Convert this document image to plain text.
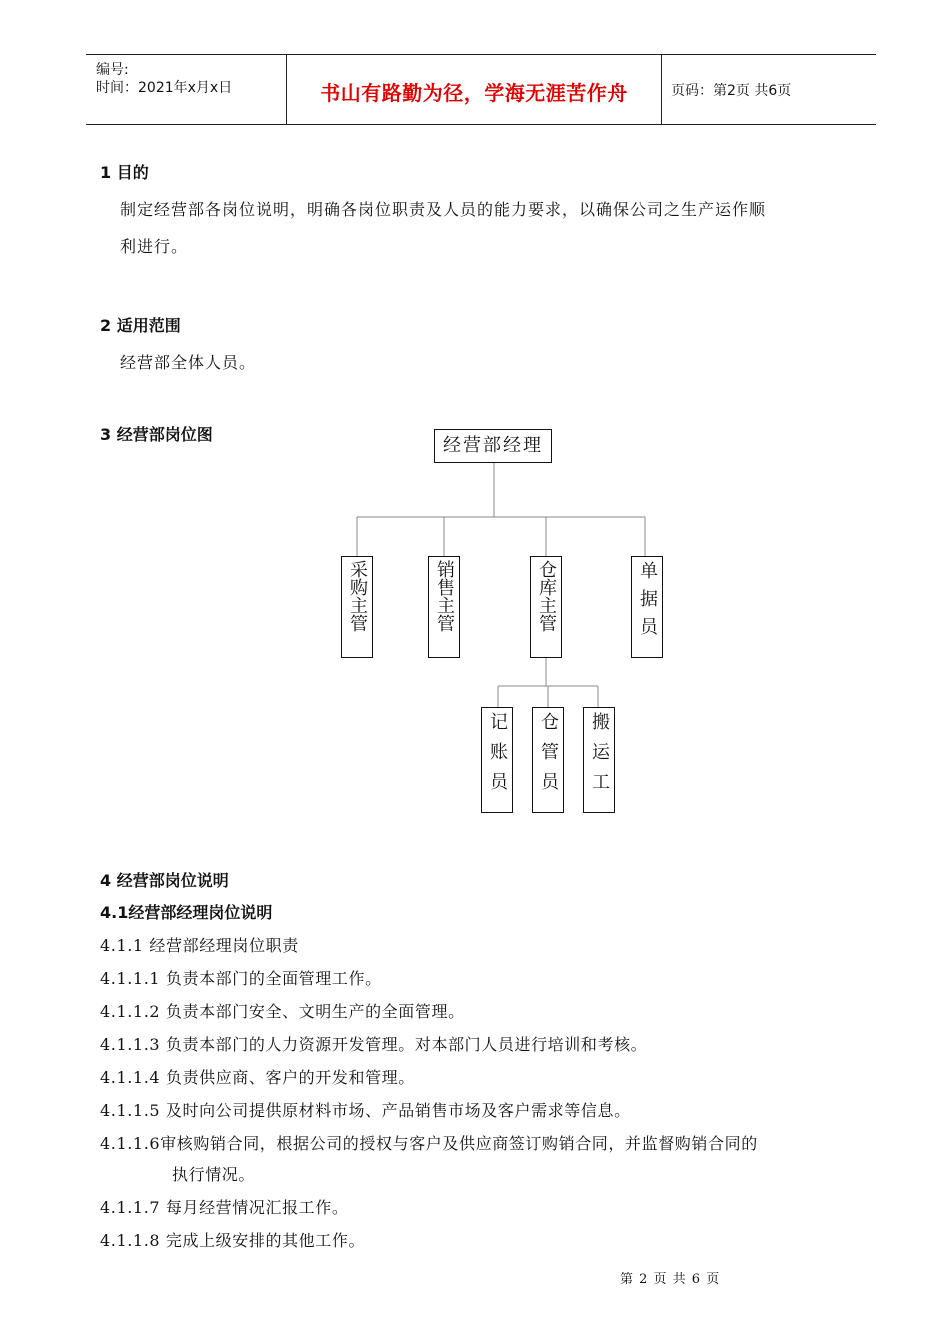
编号:
时间：2021年x月x日	书山有路勤为径，学海无涯苦作舟	页码：第2页 共6页
1 目的
制定经营部各岗位说明，明确各岗位职责及人员的能力要求，以确保公司之生产运作顺
利进行。
2 适用范围
经营部全体人员。
3 经营部岗位图
经营部经理
采购主管	销售主管	仓库主管	单据员
记账员 仓管员 搬运工
4 经营部岗位说明
4.1经营部经理岗位说明
4.1.1 经营部经理岗位职责
4.1.1.1 负责本部门的全面管理工作。
4.1.1.2 负责本部门安全、文明生产的全面管理。
4.1.1.3 负责本部门的人力资源开发管理。对本部门人员进行培训和考核。
4.1.1.4 负责供应商、客户的开发和管理。
4.1.1.5 及时向公司提供原材料市场、产品销售市场及客户需求等信息。
4.1.1.6审核购销合同，根据公司的授权与客户及供应商签订购销合同，并监督购销合同的
执行情况。
4.1.1.7 每月经营情况汇报工作。
4.1.1.8 完成上级安排的其他工作。
第 2 页 共 6 页
